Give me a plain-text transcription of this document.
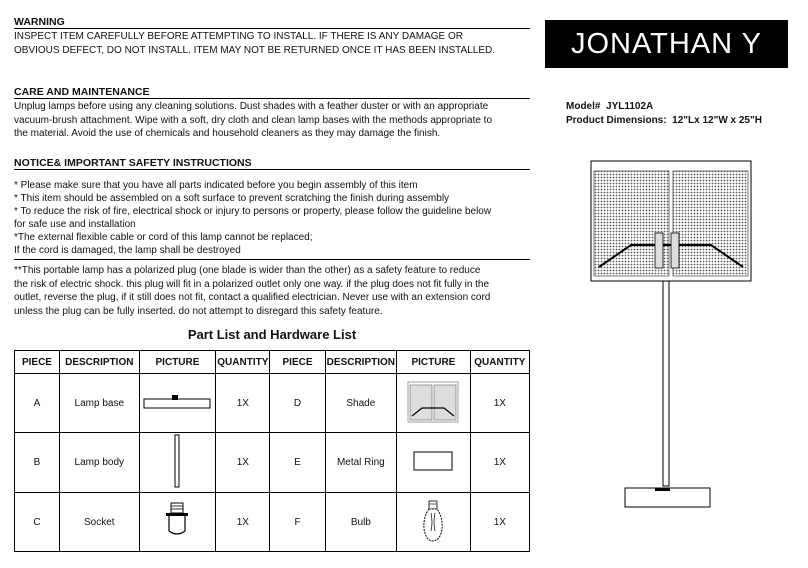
WARNING
INSPECT ITEM CAREFULLY BEFORE ATTEMPTING TO INSTALL. IF THERE IS ANY DAMAGE OR
OBVIOUS DEFECT, DO NOT INSTALL. ITEM MAY NOT BE RETURNED ONCE IT HAS BEEN INSTALLED.	JONATHAN Y
CARE AND MAINTENANCE
Unplug lamps before using any cleaning solutions. Dust shades with a feather duster or with an appropriate
vacuum-brush attachment. Wipe with a soft, dry cloth and clean lamp bases with the methods appropriate to
the material. Avoid the use of chemicals and household cleaners as they may damage the finish.
Model# JYL1102A
Product Dimensions: 12"Lx 12"W x 25"H
NOTICE& IMPORTANT SAFETY INSTRUCTIONS
* Please make sure that you have all parts indicated before you begin assembly of this item
* This item should be assembled on a soft surface to prevent scratching the finish during assembly
* To reduce the risk of fire, electrical shock or injury to persons or property, please follow the guideline below
for safe use and installation
*The external flexible cable or cord of this lamp cannot be replaced;
If the cord is damaged, the lamp shall be destroyed
**This portable lamp has a polarized plug (one blade is wider than the other) as a safety feature to reduce
the risk of electric shock. this plug will fit in a polarized outlet only one way. if the plug does not fit fully in the
outlet, reverse the plug, if it still does not fit, contact a qualified electrician. Never use with an extension cord
unless the plug can be fully inserted. do not attempt to disregard this safety feature.
Part List and Hardware List
PIECE	DESCRIPTION	PICTURE	QUANTITY	PIECE	DESCRIPTION	PICTURE	QUANTITY
A	Lamp base		1X	D	Shade		1X
B	Lamp body		1X	E	Metal Ring		1X
C	Socket		1X	F	Bulb		1X
